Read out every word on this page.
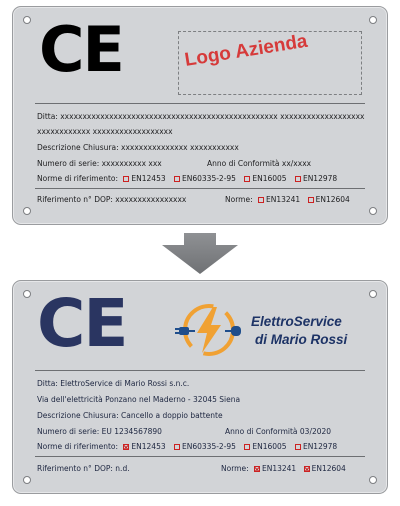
CE	Logo Azienda
Ditta: xxxxxxxxxxxxxxxxxxxxxxxxxxxxxxxxxxxxxxxxxxxxxxxxx xxxxxxxxxxxxxxxxxxx
xxxxxxxxxxxx xxxxxxxxxxxxxxxxxx
Descrizione Chiusura: xxxxxxxxxxxxxxx xxxxxxxxxxx
Numero di serie: xxxxxxxxxx xxx	Anno di Conformità xx/xxxx
Norme di riferimento: EN12453 EN60335-2-95 EN16005 EN12978
Riferimento n° DOP: xxxxxxxxxxxxxxxx	Norme: EN13241 EN12604
CE	ElettroService
di Mario Rossi
Ditta: ElettroService di Mario Rossi s.n.c.
Via dell'elettricità Ponzano nel Maderno - 32045 Siena
Descrizione Chiusura: Cancello a doppio battente
Numero di serie: EU 1234567890	Anno di Conformità 03/2020
Norme di riferimento: EN12453 EN60335-2-95 EN16005 EN12978
Riferimento n° DOP: n.d.	Norme: EN13241 EN12604
